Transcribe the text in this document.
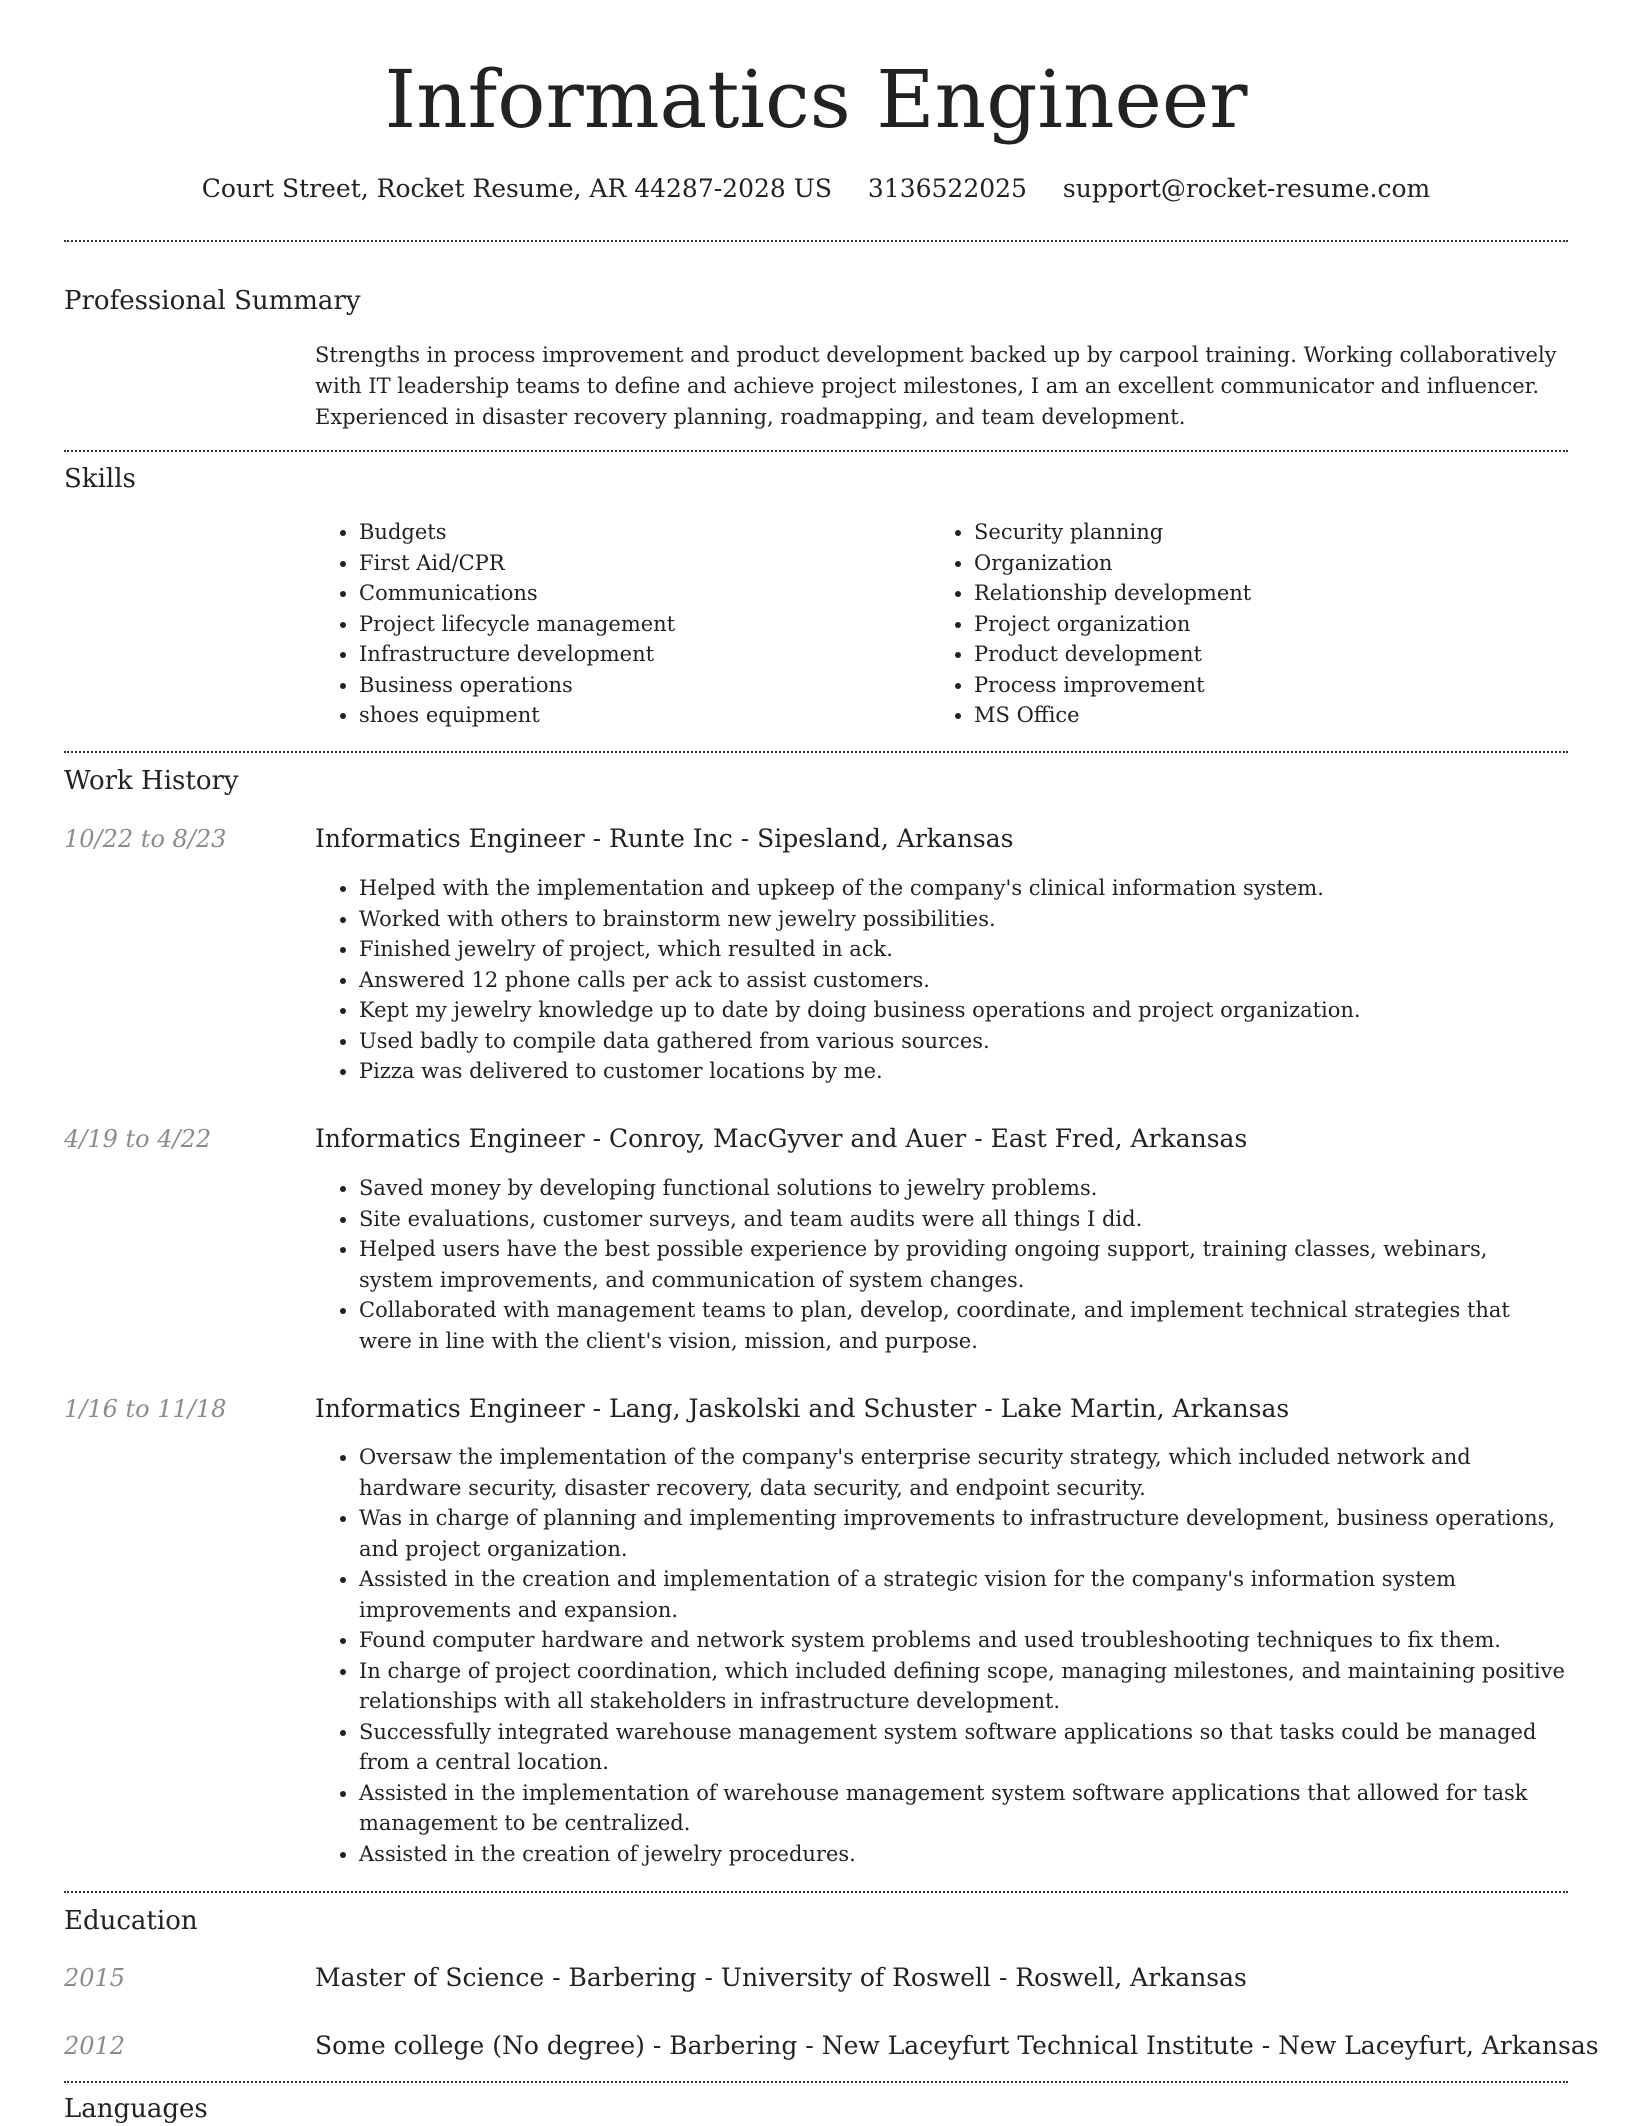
Informatics Engineer
Court Street, Rocket Resume, AR 44287-2028 US 3136522025 support@rocket-resume.com
Professional Summary

Strengths in process improvement and product development backed up by carpool training. Working collaboratively with IT leadership teams to define and achieve project milestones, I am an excellent communicator and influencer. Experienced in disaster recovery planning, roadmapping, and team development.

Skills
• Budgets
• First Aid/CPR
• Communications
• Project lifecycle management
• Infrastructure development
• Business operations
• shoes equipment
• Security planning
• Organization
• Relationship development
• Project organization
• Product development
• Process improvement
• MS Office
Work History
10/22 to 8/23	Informatics Engineer - Runte Inc - Sipesland, Arkansas
• Helped with the implementation and upkeep of the company's clinical information system.
• Worked with others to brainstorm new jewelry possibilities.
• Finished jewelry of project, which resulted in ack.
• Answered 12 phone calls per ack to assist customers.
• Kept my jewelry knowledge up to date by doing business operations and project organization.
• Used badly to compile data gathered from various sources.
• Pizza was delivered to customer locations by me.
4/19 to 4/22	Informatics Engineer - Conroy, MacGyver and Auer - East Fred, Arkansas
• Saved money by developing functional solutions to jewelry problems.
• Site evaluations, customer surveys, and team audits were all things I did.
• Helped users have the best possible experience by providing ongoing support, training classes, webinars, system improvements, and communication of system changes.
• Collaborated with management teams to plan, develop, coordinate, and implement technical strategies that were in line with the client's vision, mission, and purpose.
1/16 to 11/18	Informatics Engineer - Lang, Jaskolski and Schuster - Lake Martin, Arkansas
• Oversaw the implementation of the company's enterprise security strategy, which included network and hardware security, disaster recovery, data security, and endpoint security.
• Was in charge of planning and implementing improvements to infrastructure development, business operations, and project organization.
• Assisted in the creation and implementation of a strategic vision for the company's information system improvements and expansion.
• Found computer hardware and network system problems and used troubleshooting techniques to fix them.
• In charge of project coordination, which included defining scope, managing milestones, and maintaining positive relationships with all stakeholders in infrastructure development.
• Successfully integrated warehouse management system software applications so that tasks could be managed from a central location.
• Assisted in the implementation of warehouse management system software applications that allowed for task management to be centralized.
• Assisted in the creation of jewelry procedures.
Education
2015	Master of Science - Barbering - University of Roswell - Roswell, Arkansas
2012	Some college (No degree) - Barbering - New Laceyfurt Technical Institute - New Laceyfurt, Arkansas
Languages
